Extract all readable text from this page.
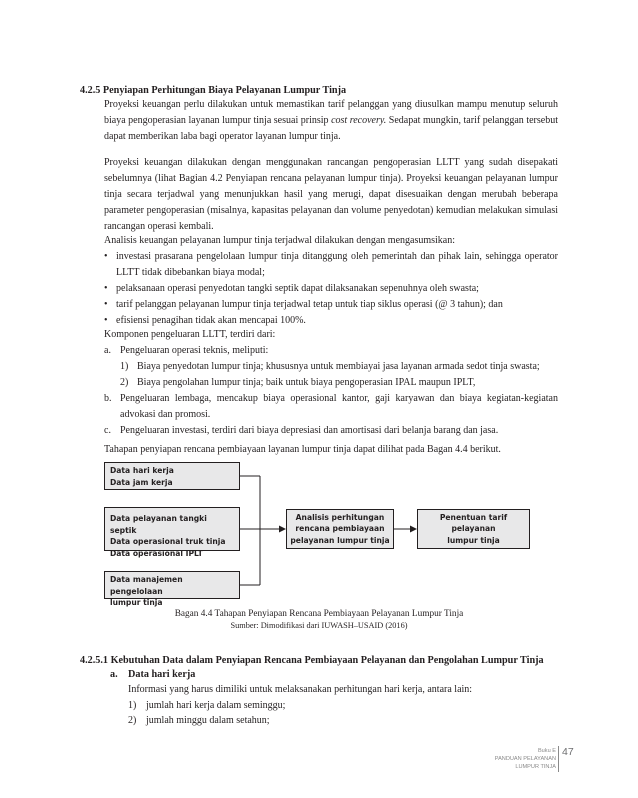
4.2.5 Penyiapan Perhitungan Biaya Pelayanan Lumpur Tinja
Proyeksi keuangan perlu dilakukan untuk memastikan tarif pelanggan yang diusulkan mampu menutup seluruh biaya pengoperasian layanan lumpur tinja sesuai prinsip cost recovery. Sedapat mungkin, tarif pelanggan tersebut dapat memberikan laba bagi operator layanan lumpur tinja.
Proyeksi keuangan dilakukan dengan menggunakan rancangan pengoperasian LLTT yang sudah disepakati sebelumnya (lihat Bagian 4.2 Penyiapan rencana pelayanan lumpur tinja). Proyeksi keuangan pelayanan lumpur tinja secara terjadwal yang menunjukkan hasil yang merugi, dapat disesuaikan dengan merubah beberapa parameter pengoperasian (misalnya, kapasitas pelayanan dan volume penyedotan) kemudian melakukan simulasi rancangan operasi kembali.
Analisis keuangan pelayanan lumpur tinja terjadwal dilakukan dengan mengasumsikan:
• investasi prasarana pengelolaan lumpur tinja ditanggung oleh pemerintah dan pihak lain, sehingga operator LLTT tidak dibebankan biaya modal;
• pelaksanaan operasi penyedotan tangki septik dapat dilaksanakan sepenuhnya oleh swasta;
• tarif pelanggan pelayanan lumpur tinja terjadwal tetap untuk tiap siklus operasi (@ 3 tahun); dan
• efisiensi penagihan tidak akan mencapai 100%.
Komponen pengeluaran LLTT, terdiri dari:
a. Pengeluaran operasi teknis, meliputi:
1) Biaya penyedotan lumpur tinja; khususnya untuk membiayai jasa layanan armada sedot tinja swasta;
2) Biaya pengolahan lumpur tinja; baik untuk biaya pengoperasian IPAL maupun IPLT,
b. Pengeluaran lembaga, mencakup biaya operasional kantor, gaji karyawan dan biaya kegiatan-kegiatan advokasi dan promosi.
c. Pengeluaran investasi, terdiri dari biaya depresiasi dan amortisasi dari belanja barang dan jasa.
Tahapan penyiapan rencana pembiayaan layanan lumpur tinja dapat dilihat pada Bagan 4.4 berikut.
Data hari kerja
Data jam kerja
Data pelayanan tangki septik
Data operasional truk tinja
Data operasional IPLT
Data manajemen pengelolaan
lumpur tinja
Analisis perhitungan
rencana pembiayaan
pelayanan lumpur tinja
Penentuan tarif pelayanan
lumpur tinja
Bagan 4.4 Tahapan Penyiapan Rencana Pembiayaan Pelayanan Lumpur Tinja
Sumber: Dimodifikasi dari IUWASH–USAID (2016)
4.2.5.1 Kebutuhan Data dalam Penyiapan Rencana Pembiayaan Pelayanan dan Pengolahan Lumpur Tinja
a. Data hari kerja
Informasi yang harus dimiliki untuk melaksanakan perhitungan hari kerja, antara lain:
1) jumlah hari kerja dalam seminggu;
2) jumlah minggu dalam setahun;
Buku E
PANDUAN PELAYANAN
LUMPUR TINJA
47
